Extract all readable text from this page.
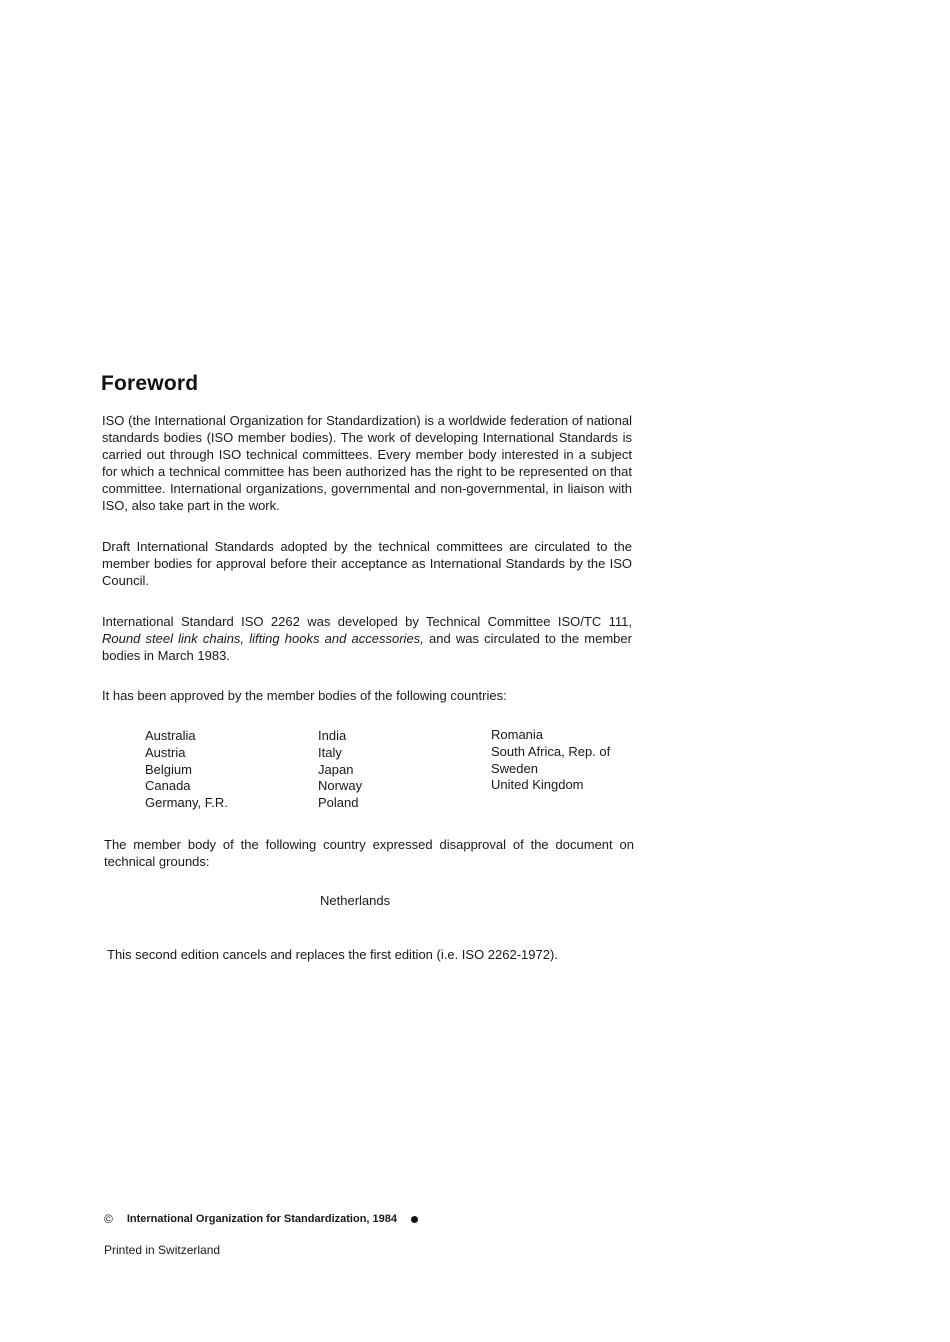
Foreword

ISO (the International Organization for Standardization) is a worldwide federation of national standards bodies (ISO member bodies). The work of developing International Standards is carried out through ISO technical committees. Every member body interested in a subject for which a technical committee has been authorized has the right to be represented on that committee. International organizations, governmental and non-governmental, in liaison with ISO, also take part in the work.

Draft International Standards adopted by the technical committees are circulated to the member bodies for approval before their acceptance as International Standards by the ISO Council.

International Standard ISO 2262 was developed by Technical Committee ISO/TC 111, Round steel link chains, lifting hooks and accessories, and was circulated to the member bodies in March 1983.

It has been approved by the member bodies of the following countries:

Australia
Austria
Belgium
Canada
Germany, F.R.
India
Italy
Japan
Norway
Poland
Romania
South Africa, Rep. of
Sweden
United Kingdom

The member body of the following country expressed disapproval of the document on technical grounds:

Netherlands

This second edition cancels and replaces the first edition (i.e. ISO 2262-1972).

© International Organization for Standardization, 1984
Printed in Switzerland
